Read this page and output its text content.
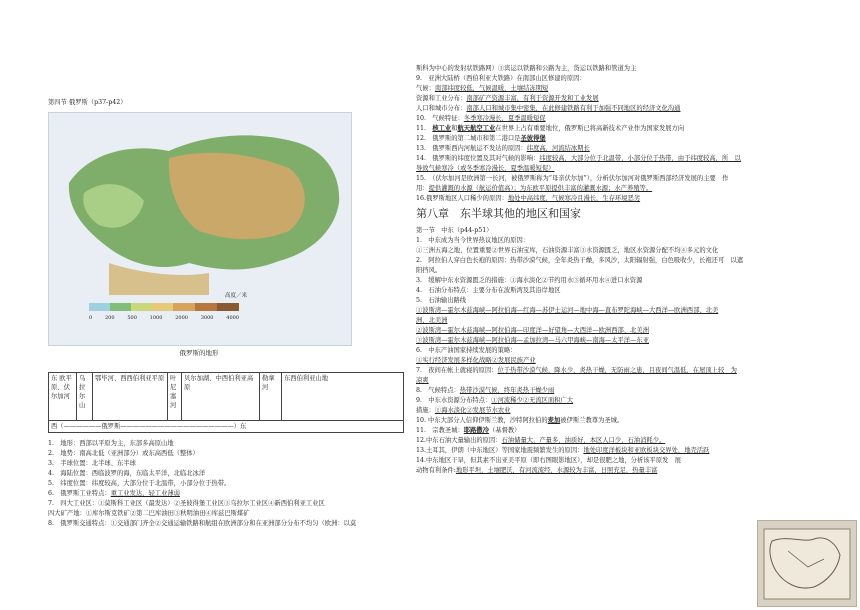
第四节 俄罗斯（p37-p42）

高度／米
0	200	500	1000	2000	3000	4000
俄罗斯的地形
东 欧平原、伏尔加河	乌拉尔山	鄂毕河、西西伯利亚平原	叶尼塞河	贝尔加湖、中西伯利亚高原	勒拿河	东西伯利亚山地
西（——————俄罗斯——————————————————）东

1.　地形：西部以平原为主，东部多高原山地

2.　地势：南高北低（亚洲部分）或东高西低（整体）

3.　半球位置：北半球、东半球

4.　海陆位置：西临波罗的海，东临太平洋，北临北冰洋

5.　纬度位置：纬度较高，大部分位于北温带，小部分位于热带。

6.　俄罗斯工业特点：重工业发达，轻工业薄弱

7.　四大工业区：①莫斯科工业区（最发达）②圣彼得堡工业区③乌拉尔工业区④新西伯利亚工业区

四大矿产地：①库尔斯克铁矿②第二巴库油田③秋明油田④库兹巴斯煤矿

8.　俄罗斯交通特点：①交通部门齐全②交通运输铁路和航组在欧洲部分和在亚洲部分分布不均匀（欧洲：以莫

斯科为中心的发射状铁路网）③宾运以铁路和公路为主，货运以铁路和管道为主

9.　亚洲大陆桥（西伯利亚大铁路）在南部山区修建的原因：

气候：南部纬度较低，气候温暖，土壤结冻期短

资源和工业分布：南部矿产资源丰富，有利于资源开发和工业发展

人口和城市分布：南部人口和城市集中密集，在此修建铁路有利于加强不同地区的经济文化沟通

10.　气候特征：冬季寒冷漫长，夏季温暖短促

11.　核工业和航天航空工业在世界上占有重要地位，俄罗斯已将高新技术产业作为国家发展方向

12.　俄罗斯的第二城市和第二港口是圣彼得堡

13.　俄罗斯西内河航运不发达的原因：纬度高，河流结冰期长

14.　俄罗斯的纬度位置及其对气候的影响：纬度较高，大部分位于北温带，小部分位于热带，由于纬度较高，所　以

导致气候寒冷（或冬季寒冷漫长，夏季温暖短促）

15.　（伏尔加河是欧洲第一长河，被俄罗斯称为“母亲伏尔加”），分析伏尔加河对俄罗斯西部经济发展的主要　作

用：提供灌溉的水源（航运价值高）；为东欧平原提供丰富的灌溉水源；水产养殖等。

16.俄罗斯地区人口稀少的原因：地处中高纬度，气候寒冷且漫长，生存环境恶劣

第八章　东半球其他的地区和国家

第一节　中东（p44-p51）

1.　中东成为当今世界热议地区的原因：

①三洲五海之地，位置重要②世界石油宝库，石油资源丰富③水资源匮乏，地区水资源分配不均④多元的文化

2.　阿拉伯人穿白色长袍的原因：热带沙漠气候，全年炎热干燥，多风沙，太阳辐射强，白色吸收少，长袍还可　以遮

阳挡风。

3.　缓解中东水资源匮乏的措施：①海水淡化②节约用水③循环用水④进口水资源

4.　石油分布特点：主要分布在波斯湾及其沿岸地区

5.　石油输出路线

①波斯湾—霍尔木兹海峡—阿拉伯海—红海—苏伊士运河—地中海—直布罗陀海峡—大西洋—欧洲西部、北美

洲、北美洲

②波斯湾—霍尔木兹海峡—阿拉伯海—印度洋—好望角—大西洋—欧洲西部、北美洲

③波斯湾—霍尔木兹海峡—阿拉伯海—孟加拉湾—马六甲海峡—南海—太平洋—东亚

6.　中东产油国家持续发展的策略：

①实行经济发展多样化战略②发展民族产业

7.　夜间在帐上就寝的原因：位于热带沙漠气候，降水少，炎热干燥，无防雨之患，且夜间气温低，在屋顶上较　为

凉爽

8.　气候特点：热带沙漠气候，终年炎热干燥少雨

9.　中东水资源分布特点：①河流稀少②无流区面积广大

措施：①海水淡化②发展节水农业

10. 中东大部分人信仰伊斯兰教，沙特阿拉伯的麦加被伊斯兰教尊为圣城。

11.　宗教圣城：耶路撒冷（基督教）

12.中东石油大量输出的原因：石油储量大，产量多，油质好，本区人口少，石油消耗少。

13.土耳其，伊朗（中东地区）等国家地震频繁发生的原因：地处印度洋板块和亚欧板块交界处，地壳活跃

14.中东地区干旱，但其素不出亚美平原（即右图眼影地区），却是很肥之地，分析该平原发　展

动物有利条件:地形平坦，土壤肥沃，有河流流经，水源较为丰富，日照充足，热量丰富
